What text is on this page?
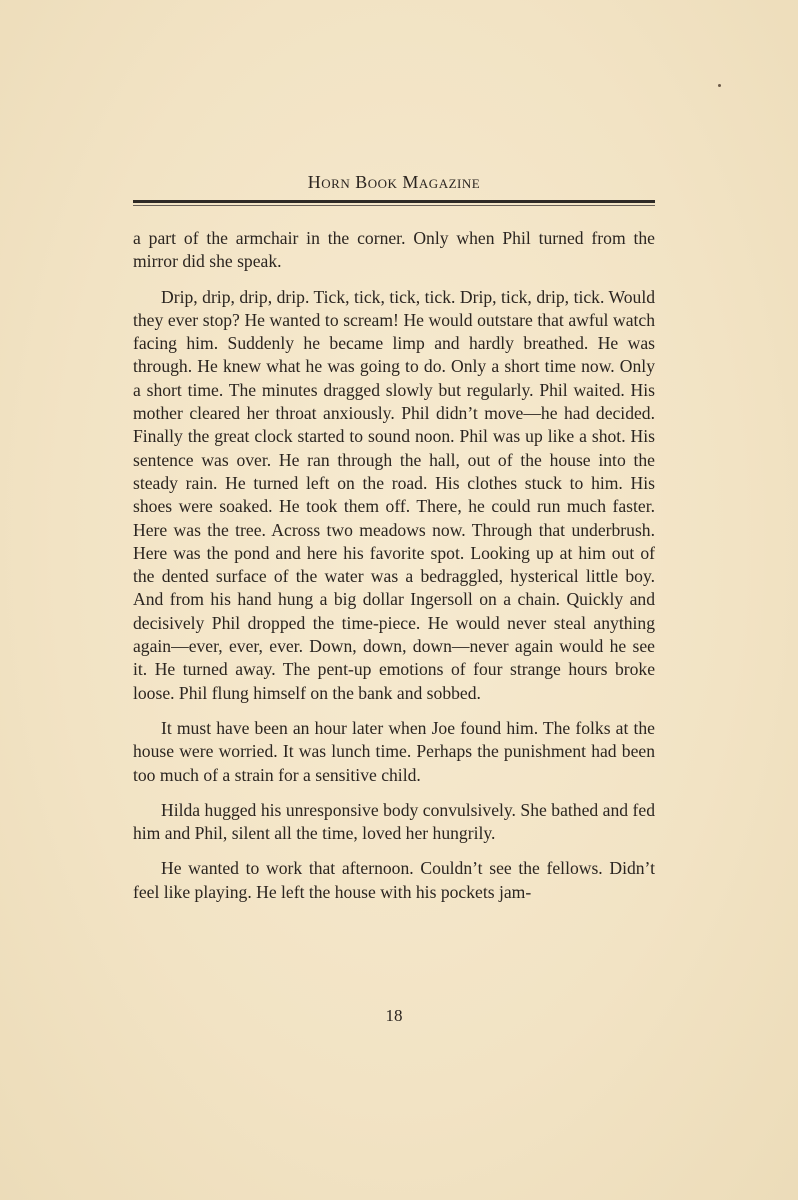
Horn Book Magazine

a part of the armchair in the corner. Only when Phil turned from the mirror did she speak.

Drip, drip, drip, drip. Tick, tick, tick, tick. Drip, tick, drip, tick. Would they ever stop? He wanted to scream! He would outstare that awful watch facing him. Suddenly he became limp and hardly breathed. He was through. He knew what he was going to do. Only a short time now. Only a short time. The minutes dragged slowly but regularly. Phil waited. His mother cleared her throat anxiously. Phil didn’t move—he had decided. Finally the great clock started to sound noon. Phil was up like a shot. His sentence was over. He ran through the hall, out of the house into the steady rain. He turned left on the road. His clothes stuck to him. His shoes were soaked. He took them off. There, he could run much faster. Here was the tree. Across two meadows now. Through that underbrush. Here was the pond and here his favorite spot. Looking up at him out of the dented surface of the water was a bedraggled, hysterical little boy. And from his hand hung a big dollar Ingersoll on a chain. Quickly and decisively Phil dropped the time-piece. He would never steal anything again—ever, ever, ever. Down, down, down—never again would he see it. He turned away. The pent-up emotions of four strange hours broke loose. Phil flung himself on the bank and sobbed.

It must have been an hour later when Joe found him. The folks at the house were worried. It was lunch time. Perhaps the punishment had been too much of a strain for a sensitive child.

Hilda hugged his unresponsive body convulsively. She bathed and fed him and Phil, silent all the time, loved her hungrily.

He wanted to work that afternoon. Couldn’t see the fellows. Didn’t feel like playing. He left the house with his pockets jam-

18
